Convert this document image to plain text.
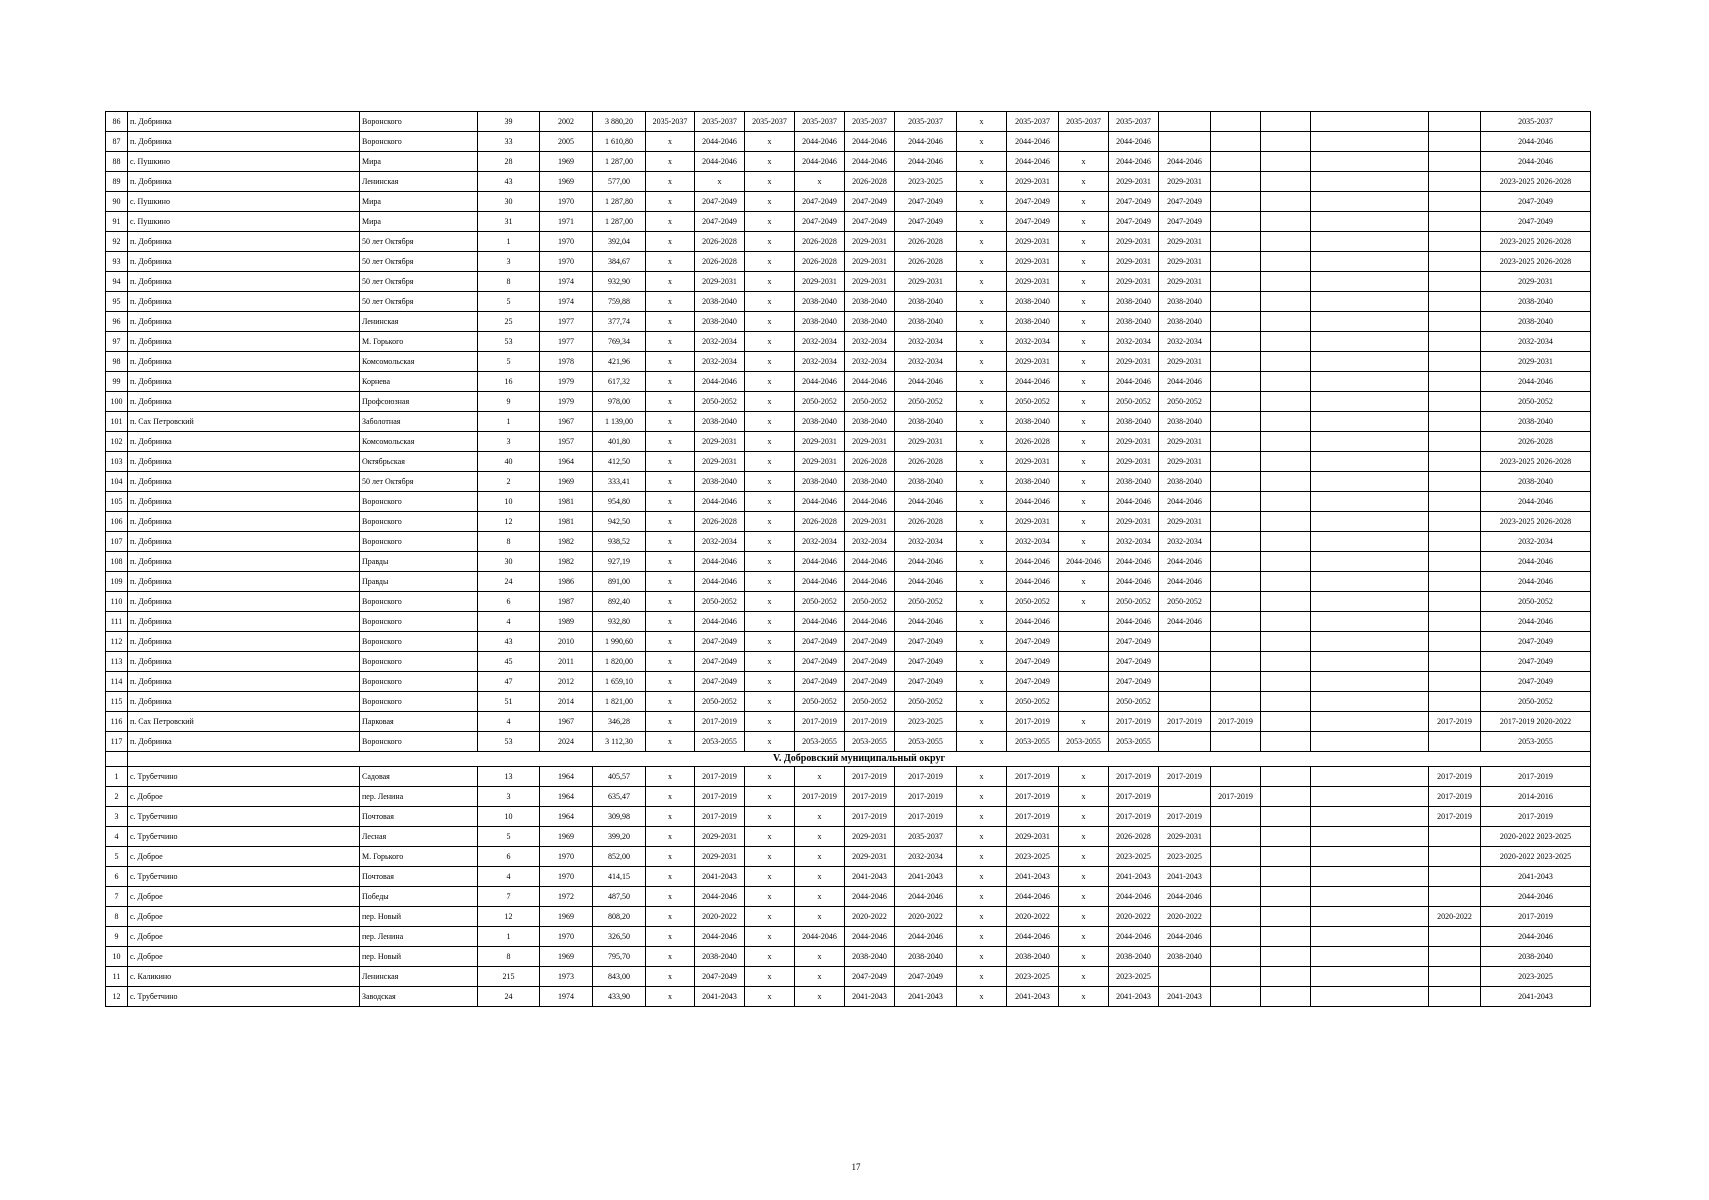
86	п. Добринка	Воронского	39	2002	3 880,20	2035-2037	2035-2037	2035-2037	2035-2037	2035-2037	2035-2037	x	2035-2037	2035-2037	2035-2037						2035-2037
87	п. Добринка	Воронского	33	2005	1 610,80	x	2044-2046	x	2044-2046	2044-2046	2044-2046	x	2044-2046		2044-2046						2044-2046
88	с. Пушкино	Мира	28	1969	1 287,00	x	2044-2046	x	2044-2046	2044-2046	2044-2046	x	2044-2046	x	2044-2046	2044-2046					2044-2046
89	п. Добринка	Ленинская	43	1969	577,00	x	x	x	x	2026-2028	2023-2025	x	2029-2031	x	2029-2031	2029-2031					2023-2025 2026-2028
90	с. Пушкино	Мира	30	1970	1 287,80	x	2047-2049	x	2047-2049	2047-2049	2047-2049	x	2047-2049	x	2047-2049	2047-2049					2047-2049
91	с. Пушкино	Мира	31	1971	1 287,00	x	2047-2049	x	2047-2049	2047-2049	2047-2049	x	2047-2049	x	2047-2049	2047-2049					2047-2049
92	п. Добринка	50 лет Октября	1	1970	392,04	x	2026-2028	x	2026-2028	2029-2031	2026-2028	x	2029-2031	x	2029-2031	2029-2031					2023-2025 2026-2028
93	п. Добринка	50 лет Октября	3	1970	384,67	x	2026-2028	x	2026-2028	2029-2031	2026-2028	x	2029-2031	x	2029-2031	2029-2031					2023-2025 2026-2028
94	п. Добринка	50 лет Октября	8	1974	932,90	x	2029-2031	x	2029-2031	2029-2031	2029-2031	x	2029-2031	x	2029-2031	2029-2031					2029-2031
95	п. Добринка	50 лет Октября	5	1974	759,88	x	2038-2040	x	2038-2040	2038-2040	2038-2040	x	2038-2040	x	2038-2040	2038-2040					2038-2040
96	п. Добринка	Ленинская	25	1977	377,74	x	2038-2040	x	2038-2040	2038-2040	2038-2040	x	2038-2040	x	2038-2040	2038-2040					2038-2040
97	п. Добринка	М. Горького	53	1977	769,34	x	2032-2034	x	2032-2034	2032-2034	2032-2034	x	2032-2034	x	2032-2034	2032-2034					2032-2034
98	п. Добринка	Комсомольская	5	1978	421,96	x	2032-2034	x	2032-2034	2032-2034	2032-2034	x	2029-2031	x	2029-2031	2029-2031					2029-2031
99	п. Добринка	Корнева	16	1979	617,32	x	2044-2046	x	2044-2046	2044-2046	2044-2046	x	2044-2046	x	2044-2046	2044-2046					2044-2046
100	п. Добринка	Профсоюзная	9	1979	978,00	x	2050-2052	x	2050-2052	2050-2052	2050-2052	x	2050-2052	x	2050-2052	2050-2052					2050-2052
101	п. Сах Петровский	Заболотная	1	1967	1 139,00	x	2038-2040	x	2038-2040	2038-2040	2038-2040	x	2038-2040	x	2038-2040	2038-2040					2038-2040
102	п. Добринка	Комсомольская	3	1957	401,80	x	2029-2031	x	2029-2031	2029-2031	2029-2031	x	2026-2028	x	2029-2031	2029-2031					2026-2028
103	п. Добринка	Октябрьская	40	1964	412,50	x	2029-2031	x	2029-2031	2026-2028	2026-2028	x	2029-2031	x	2029-2031	2029-2031					2023-2025 2026-2028
104	п. Добринка	50 лет Октября	2	1969	333,41	x	2038-2040	x	2038-2040	2038-2040	2038-2040	x	2038-2040	x	2038-2040	2038-2040					2038-2040
105	п. Добринка	Воронского	10	1981	954,80	x	2044-2046	x	2044-2046	2044-2046	2044-2046	x	2044-2046	x	2044-2046	2044-2046					2044-2046
106	п. Добринка	Воронского	12	1981	942,50	x	2026-2028	x	2026-2028	2029-2031	2026-2028	x	2029-2031	x	2029-2031	2029-2031					2023-2025 2026-2028
107	п. Добринка	Воронского	8	1982	938,52	x	2032-2034	x	2032-2034	2032-2034	2032-2034	x	2032-2034	x	2032-2034	2032-2034					2032-2034
108	п. Добринка	Правды	30	1982	927,19	x	2044-2046	x	2044-2046	2044-2046	2044-2046	x	2044-2046	2044-2046	2044-2046	2044-2046					2044-2046
109	п. Добринка	Правды	24	1986	891,00	x	2044-2046	x	2044-2046	2044-2046	2044-2046	x	2044-2046	x	2044-2046	2044-2046					2044-2046
110	п. Добринка	Воронского	6	1987	892,40	x	2050-2052	x	2050-2052	2050-2052	2050-2052	x	2050-2052	x	2050-2052	2050-2052					2050-2052
111	п. Добринка	Воронского	4	1989	932,80	x	2044-2046	x	2044-2046	2044-2046	2044-2046	x	2044-2046		2044-2046	2044-2046					2044-2046
112	п. Добринка	Воронского	43	2010	1 990,60	x	2047-2049	x	2047-2049	2047-2049	2047-2049	x	2047-2049		2047-2049						2047-2049
113	п. Добринка	Воронского	45	2011	1 820,00	x	2047-2049	x	2047-2049	2047-2049	2047-2049	x	2047-2049		2047-2049						2047-2049
114	п. Добринка	Воронского	47	2012	1 659,10	x	2047-2049	x	2047-2049	2047-2049	2047-2049	x	2047-2049		2047-2049						2047-2049
115	п. Добринка	Воронского	51	2014	1 821,00	x	2050-2052	x	2050-2052	2050-2052	2050-2052	x	2050-2052		2050-2052						2050-2052
116	п. Сах Петровский	Парковая	4	1967	346,28	x	2017-2019	x	2017-2019	2017-2019	2023-2025	x	2017-2019	x	2017-2019	2017-2019	2017-2019			2017-2019	2017-2019 2020-2022
117	п. Добринка	Воронского	53	2024	3 112,30	x	2053-2055	x	2053-2055	2053-2055	2053-2055	x	2053-2055	2053-2055	2053-2055						2053-2055
	V. Добровский муниципальный округ																				
1	с. Трубетчино	Садовая	13	1964	405,57	x	2017-2019	x	x	2017-2019	2017-2019	x	2017-2019	x	2017-2019	2017-2019				2017-2019	2017-2019
2	с. Доброе	пер. Ленина	3	1964	635,47	x	2017-2019	x	2017-2019	2017-2019	2017-2019	x	2017-2019	x	2017-2019		2017-2019			2017-2019	2014-2016
3	с. Трубетчино	Почтовая	10	1964	309,98	x	2017-2019	x	x	2017-2019	2017-2019	x	2017-2019	x	2017-2019	2017-2019				2017-2019	2017-2019
4	с. Трубетчино	Лесная	5	1969	399,20	x	2029-2031	x	x	2029-2031	2035-2037	x	2029-2031	x	2026-2028	2029-2031					2020-2022 2023-2025
5	с. Доброе	М. Горького	6	1970	852,00	x	2029-2031	x	x	2029-2031	2032-2034	x	2023-2025	x	2023-2025	2023-2025					2020-2022 2023-2025
6	с. Трубетчино	Почтовая	4	1970	414,15	x	2041-2043	x	x	2041-2043	2041-2043	x	2041-2043	x	2041-2043	2041-2043					2041-2043
7	с. Доброе	Победы	7	1972	487,50	x	2044-2046	x	x	2044-2046	2044-2046	x	2044-2046	x	2044-2046	2044-2046					2044-2046
8	с. Доброе	пер. Новый	12	1969	808,20	x	2020-2022	x	x	2020-2022	2020-2022	x	2020-2022	x	2020-2022	2020-2022				2020-2022	2017-2019
9	с. Доброе	пер. Ленина	1	1970	326,50	x	2044-2046	x	2044-2046	2044-2046	2044-2046	x	2044-2046	x	2044-2046	2044-2046					2044-2046
10	с. Доброе	пер. Новый	8	1969	795,70	x	2038-2040	x	x	2038-2040	2038-2040	x	2038-2040	x	2038-2040	2038-2040					2038-2040
11	с. Каликино	Ленинская	215	1973	843,00	x	2047-2049	x	x	2047-2049	2047-2049	x	2023-2025	x	2023-2025						2023-2025
12	с. Трубетчино	Заводская	24	1974	433,90	x	2041-2043	x	x	2041-2043	2041-2043	x	2041-2043	x	2041-2043	2041-2043					2041-2043
17
